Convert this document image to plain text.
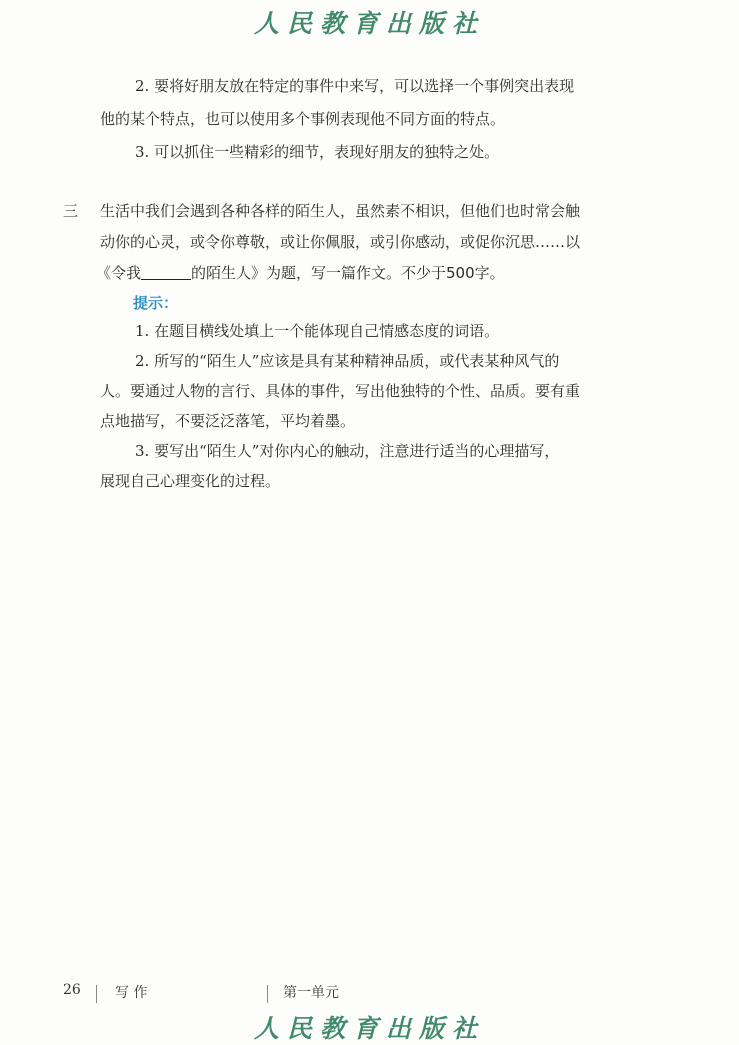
人民教育出版社
2. 要将好朋友放在特定的事件中来写，可以选择一个事例突出表现
他的某个特点，也可以使用多个事例表现他不同方面的特点。
3. 可以抓住一些精彩的细节，表现好朋友的独特之处。
三 生活中我们会遇到各种各样的陌生人，虽然素不相识，但他们也时常会触
动你的心灵，或令你尊敬，或让你佩服，或引你感动，或促你沉思……以
《令我	的陌生人》为题，写一篇作文。不少于500字。
提示：
1. 在题目横线处填上一个能体现自己情感态度的词语。
2. 所写的“陌生人”应该是具有某种精神品质，或代表某种风气的
人。要通过人物的言行、具体的事件，写出他独特的个性、品质。要有重
点地描写，不要泛泛落笔，平均着墨。
3. 要写出“陌生人”对你内心的触动，注意进行适当的心理描写，
展现自己心理变化的过程。
26 写 作	第一单元
人民教育出版社
